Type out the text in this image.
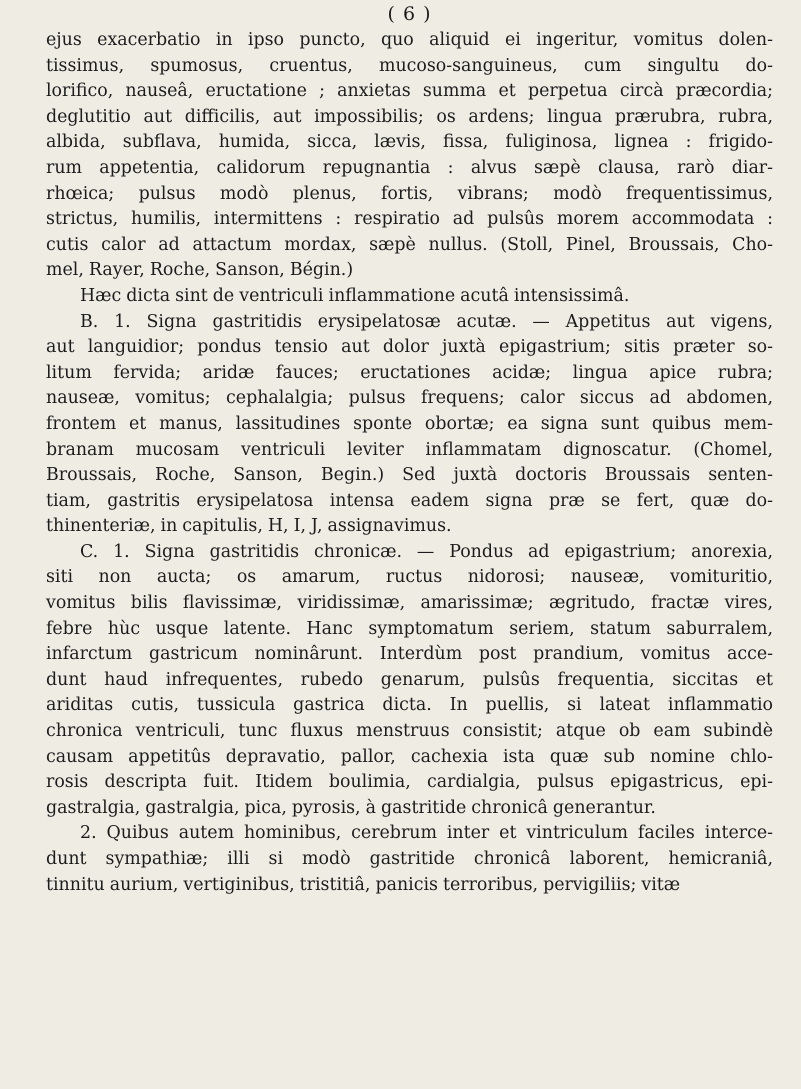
( 6 )
ejus exacerbatio in ipso puncto, quo aliquid ei ingeritur, vomitus dolen-
tissimus, spumosus, cruentus, mucoso-sanguineus, cum singultu do-
lorifico, nauseâ, eructatione ; anxietas summa et perpetua circà præcordia;
deglutitio aut difficilis, aut impossibilis; os ardens; lingua prærubra, rubra,
albida, subflava, humida, sicca, lævis, fissa, fuliginosa, lignea : frigido-
rum appetentia, calidorum repugnantia : alvus sæpè clausa, rarò diar-
rhœica; pulsus modò plenus, fortis, vibrans; modò frequentissimus,
strictus, humilis, intermittens : respiratio ad pulsûs morem accommodata :
cutis calor ad attactum mordax, sæpè nullus. (Stoll, Pinel, Broussais, Cho-
mel, Rayer, Roche, Sanson, Bégin.)
Hæc dicta sint de ventriculi inflammatione acutâ intensissimâ.
B. 1. Signa gastritidis erysipelatosæ acutæ. — Appetitus aut vigens,
aut languidior; pondus tensio aut dolor juxtà epigastrium; sitis præter so-
litum fervida; aridæ fauces; eructationes acidæ; lingua apice rubra;
nauseæ, vomitus; cephalalgia; pulsus frequens; calor siccus ad abdomen,
frontem et manus, lassitudines sponte obortæ; ea signa sunt quibus mem-
branam mucosam ventriculi leviter inflammatam dignoscatur. (Chomel,
Broussais, Roche, Sanson, Begin.) Sed juxtà doctoris Broussais senten-
tiam, gastritis erysipelatosa intensa eadem signa præ se fert, quæ do-
thinenteriæ, in capitulis, H, I, J, assignavimus.
C. 1. Signa gastritidis chronicæ. — Pondus ad epigastrium; anorexia,
siti non aucta; os amarum, ructus nidorosi; nauseæ, vomituritio,
vomitus bilis flavissimæ, viridissimæ, amarissimæ; ægritudo, fractæ vires,
febre hùc usque latente. Hanc symptomatum seriem, statum saburralem,
infarctum gastricum nominârunt. Interdùm post prandium, vomitus acce-
dunt haud infrequentes, rubedo genarum, pulsûs frequentia, siccitas et
ariditas cutis, tussicula gastrica dicta. In puellis, si lateat inflammatio
chronica ventriculi, tunc fluxus menstruus consistit; atque ob eam subindè
causam appetitûs depravatio, pallor, cachexia ista quæ sub nomine chlo-
rosis descripta fuit. Itidem boulimia, cardialgia, pulsus epigastricus, epi-
gastralgia, gastralgia, pica, pyrosis, à gastritide chronicâ generantur.
2. Quibus autem hominibus, cerebrum inter et vintriculum faciles interce-
dunt sympathiæ; illi si modò gastritide chronicâ laborent, hemicraniâ,
tinnitu aurium, vertiginibus, tristitiâ, panicis terroribus, pervigiliis; vitæ
